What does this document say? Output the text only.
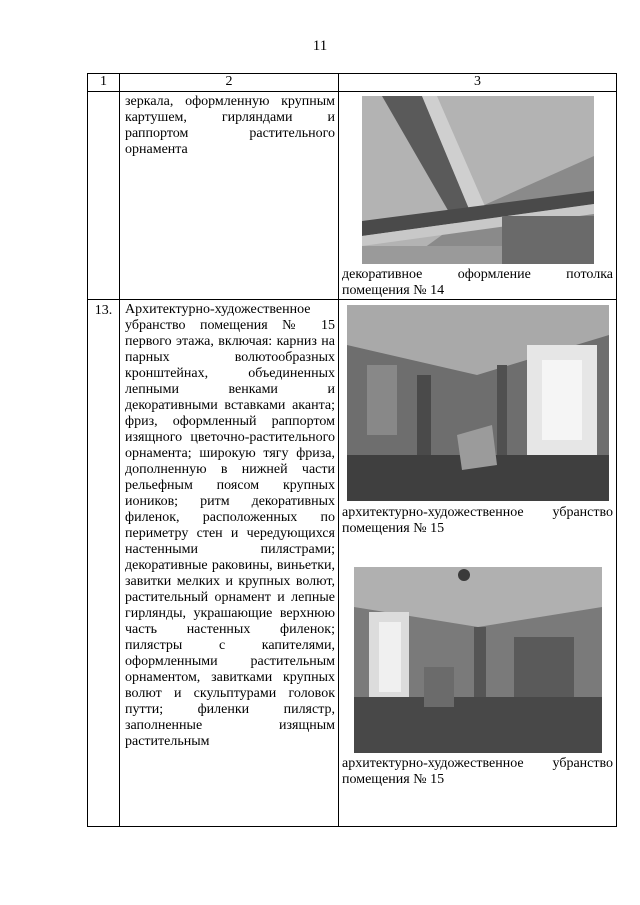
11
1	2	3

	зеркала, оформленную крупным картушем, гирляндами и раппортом растительного орнамента	декоративное оформление потолка помещения № 14

13.	Архитектурно-художественное убранство помещения № 15 первого этажа, включая: карниз на парных волютообразных кронштейнах, объединенных лепными венками и декоративными вставками аканта; фриз, оформленный раппортом изящного цветочно-растительного орнамента; широкую тягу фриза, дополненную в нижней части рельефным поясом крупных иоников; ритм декоративных филенок, расположенных по периметру стен и чередующихся настенными пилястрами; декоративные раковины, виньетки, завитки мелких и крупных волют, растительный орнамент и лепные гирлянды, украшающие верхнюю часть настенных филенок; пилястры с капителями, оформленными растительным орнаментом, завитками крупных волют и скульптурами головок путти; филенки пилястр, заполненные изящным растительным	архитектурно-художественное убранство помещения № 15

архитектурно-художественное убранство помещения № 15
